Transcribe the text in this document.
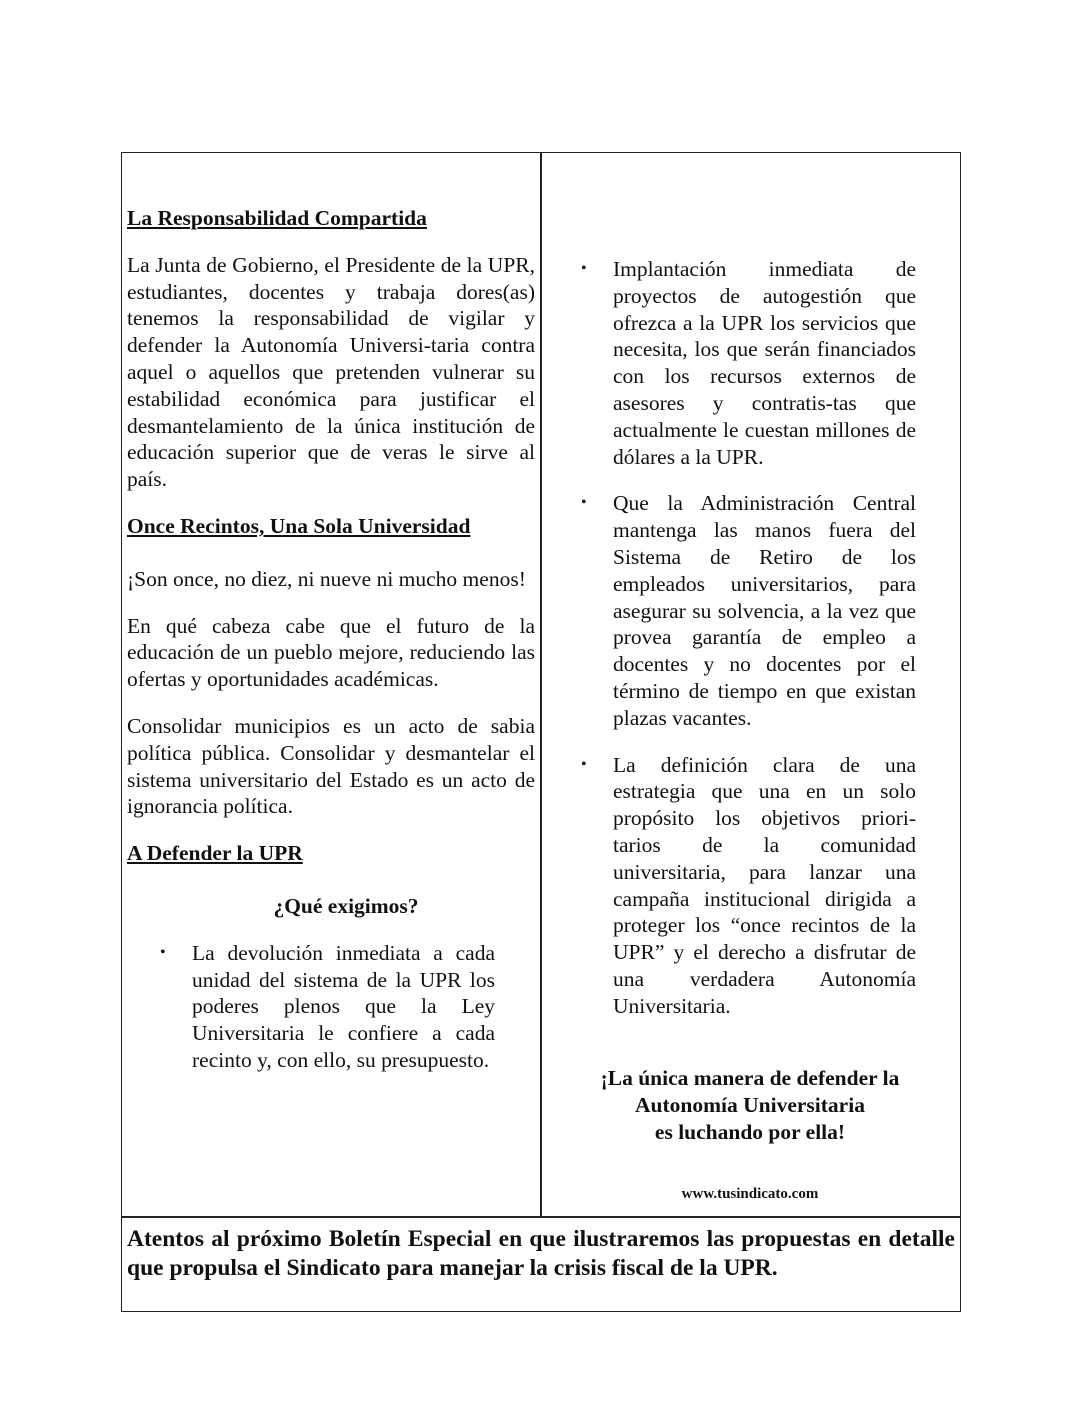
La Responsabilidad Compartida

La Junta de Gobierno, el Presidente de la UPR, estudiantes, docentes y trabaja dores(as) tenemos la responsabilidad de vigilar y defender la Autonomía Universi-taria contra aquel o aquellos que pretenden vulnerar su estabilidad económica para justificar el desmantelamiento de la única institución de educación superior que de veras le sirve al país.

Once Recintos, Una Sola Universidad

¡Son once, no diez, ni nueve ni mucho menos!

En qué cabeza cabe que el futuro de la educación de un pueblo mejore, reduciendo las ofertas y oportunidades académicas.

Consolidar municipios es un acto de sabia política pública. Consolidar y desmantelar el sistema universitario del Estado es un acto de ignorancia política.

A Defender la UPR
¿Qué exigimos?
• La devolución inmediata a cada unidad del sistema de la UPR los poderes plenos que la Ley Universitaria le confiere a cada recinto y, con ello, su presupuesto.
• Implantación inmediata de proyectos de autogestión que ofrezca a la UPR los servicios que necesita, los que serán financiados con los recursos externos de asesores y contratis-tas que actualmente le cuestan millones de dólares a la UPR.
• Que la Administración Central mantenga las manos fuera del Sistema de Retiro de los empleados universitarios, para asegurar su solvencia, a la vez que provea garantía de empleo a docentes y no docentes por el término de tiempo en que existan plazas vacantes.
• La definición clara de una estrategia que una en un solo propósito los objetivos priori-tarios de la comunidad universitaria, para lanzar una campaña institucional dirigida a proteger los “once recintos de la UPR” y el derecho a disfrutar de una verdadera Autonomía Universitaria.
¡La única manera de defender la
Autonomía Universitaria
es luchando por ella!
www.tusindicato.com
Atentos al próximo Boletín Especial en que ilustraremos las propuestas en detalle que propulsa el Sindicato para manejar la crisis fiscal de la UPR.
